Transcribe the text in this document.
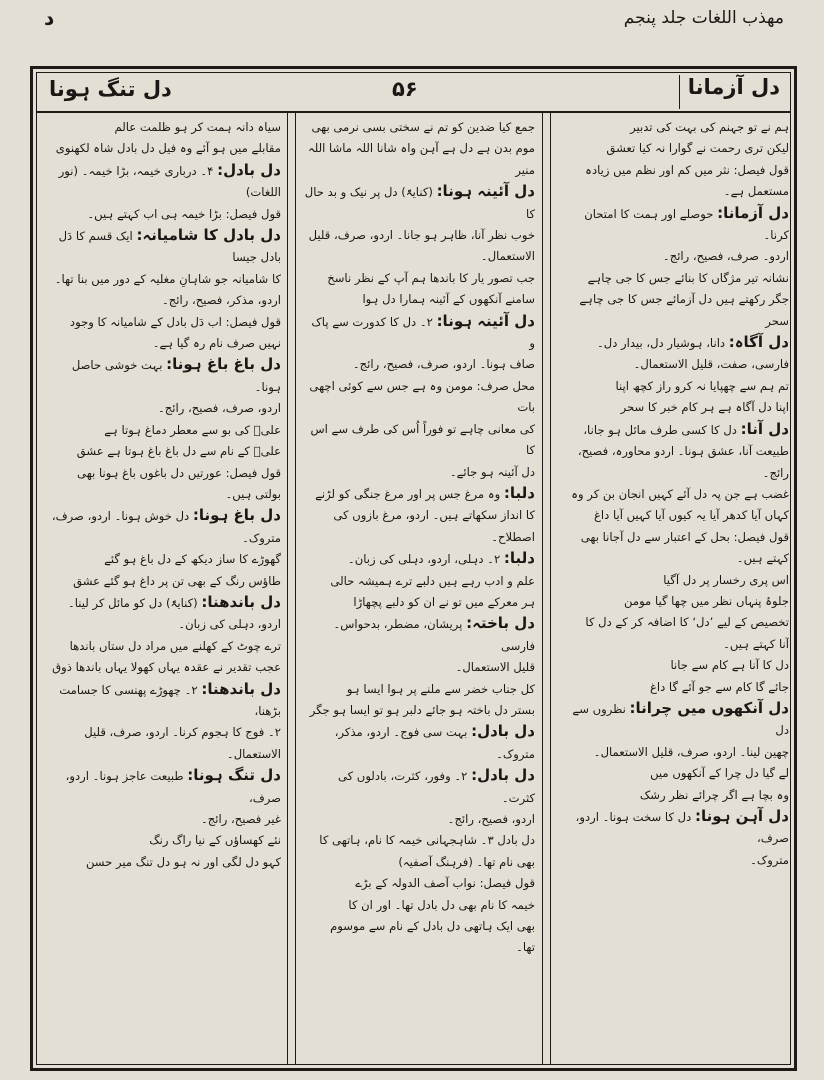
مهذب اللغات جلد پنجم
د
دل تنگ ہونا	۵۶	دل آزمانا

ہم نے تو جہنم کی بہت کی تدبیر

لیکن تری رحمت نے گوارا نہ کیا تعشق

قول فیصل: نثر میں کم اور نظم میں زیادہ مستعمل ہے۔

دل آزمانا: حوصلے اور ہمت کا امتحان کرنا۔

اردو۔ صرف، فصیح، رائج۔

نشانہ تیر مژگاں کا بنائے جس کا جی چاہے

جگر رکھتے ہیں دل آزمائے جس کا جی چاہے سحر

دل آگاہ: دانا، ہوشیار دل، بیدار دل۔

فارسی، صفت، قلیل الاستعمال۔

تم ہم سے چھپایا نہ کرو راز کچھ اپنا

اپنا دل آگاہ ہے ہر کام خبر کا سحر

دل آنا: دل کا کسی طرف مائل ہو جانا،

طبیعت آنا، عشق ہونا۔ اردو محاورہ، فصیح، رائج۔

غضب ہے جن پہ دل آئے کہیں انجان بن کر وہ

کہاں آیا کدھر آیا یہ کیوں آیا کہیں آیا داغ

قول فیصل: بحل کے اعتبار سے دل آجانا بھی

کہتے ہیں۔

اس پری رخسار پر دل آگیا

جلوۂ پنہاں نظر میں چھا گیا مومن

تخصیص کے لیے ’دل‘ کا اضافہ کر کے دل کا

آنا کہتے ہیں۔

دل کا آنا ہے کام سے جانا

جائے گا کام سے جو آئے گا داغ

دل آنکھوں میں چرانا: نظروں سے دل

چھین لینا۔ اردو، صرف، قلیل الاستعمال۔

لے گیا دل چرا کے آنکھوں میں

وہ بچا ہے اگر چرائے نظر رشک

دل آہن ہونا: دل کا سخت ہونا۔ اردو، صرف،

متروک۔

جمع کیا ضدین کو تم نے سختی بسی نرمی بھی

موم بدن ہے دل ہے آہن واہ شانا اللہ ماشا اللہ منیر

دل آئینہ ہونا: (کنایۃً) دل پر نیک و بد حال کا

خوب نظر آنا، ظاہر ہو جانا۔ اردو، صرف، قلیل الاستعمال۔

جب تصور یار کا باندھا ہم آپ کے نظر ناسخ

سامنے آنکھوں کے آئینہ ہمارا دل ہوا

دل آئینہ ہونا: ۲۔ دل کا کدورت سے پاک و

صاف ہونا۔ اردو، صرف، فصیح، رائج۔

محل صرف: مومن وہ ہے جس سے کوئی اچھی بات

کی معانی چاہے تو فوراً اُس کی طرف سے اس کا

دل آئینہ ہو جائے۔

دلبا: وہ مرغ جس پر اور مرغ جنگی کو لڑنے

کا انداز سکھاتے ہیں۔ اردو، مرغ بازوں کی اصطلاح۔

دلبا: ۲۔ دہلی، اردو، دہلی کی زبان۔

علم و ادب رہے ہیں دلبے ترے ہمیشہ حالی

ہر معرکے میں تو نے ان کو دلبے پچھاڑا

دل باختہ: پریشان، مضطر، بدحواس۔ فارسی

قلیل الاستعمال۔

کل جناب خضر سے ملنے پر ہوا ایسا ہو

بستر دل باختہ ہو جائے دلبر ہو تو ایسا ہو جگر

دل بادل: بہت سی فوج۔ اردو، مذکر، متروک۔

دل بادل: ۲۔ وفور، کثرت، بادلوں کی کثرت۔

اردو، فصیح، رائج۔

دل بادل ۳۔ شاہجہانی خیمہ کا نام، ہاتھی کا

بھی نام تھا۔ (فرہنگ آصفیہ)

قول فیصل: نواب آصف الدولہ کے بڑے

خیمہ کا نام بھی دل بادل تھا۔ اور ان کا

بھی ایک ہاتھی دل بادل کے نام سے موسوم

تھا۔

سیاہ دانہ ہمت کر ہو ظلمت عالم

مقابلے میں ہو آئے وہ فیل دل بادل شاہ لکھنوی

دل بادل: ۴۔ درباری خیمہ، بڑا خیمہ۔ (نور اللغات)

قول فیصل: بڑا خیمہ ہی اب کہتے ہیں۔

دل بادل کا شامیانہ: ایک قسم کا دَل بادل جیسا

کا شامیانہ جو شاہانِ مغلیہ کے دور میں بنا تھا۔

اردو، مذکر، فصیح، رائج۔

قول فیصل: اب دَل بادل کے شامیانہ کا وجود

نہیں صرف نام رہ گیا ہے۔

دل باغ باغ ہونا: بہت خوشی حاصل ہونا۔

اردو، صرف، فصیح، رائج۔

علیؑ کی بو سے معطر دماغ ہوتا ہے

علیؑ کے نام سے دل باغ باغ ہوتا ہے عشق

قول فیصل: عورتیں دل باغوں باغ ہونا بھی

بولتی ہیں۔

دل باغ ہونا: دل خوش ہونا۔ اردو، صرف،

متروک۔

گھوڑے کا ساز دیکھ کے دل باغ ہو گئے

طاؤس رنگ کے بھی تن پر داغ ہو گئے عشق

دل باندھنا: (کنایۃً) دل کو مائل کر لینا۔

اردو، دہلی کی زبان۔

ترے چوٹ کے کھلنے میں مراد دل ستاں باندھا

عجب تقدیر نے عقدہ یہاں کھولا یہاں باندھا ذوق

دل باندھنا: ۲۔ چھوڑے پھنسی کا جسامت بڑھنا،

۲۔ فوج کا ہجوم کرنا۔ اردو، صرف، قلیل الاستعمال۔

دل تنگ ہونا: طبیعت عاجز ہونا۔ اردو، صرف،

غیر فصیح، رائج۔

نئے کھساؤں کے نیا راگ رنگ

کہو دل لگی اور نہ ہو دل تنگ میر حسن
